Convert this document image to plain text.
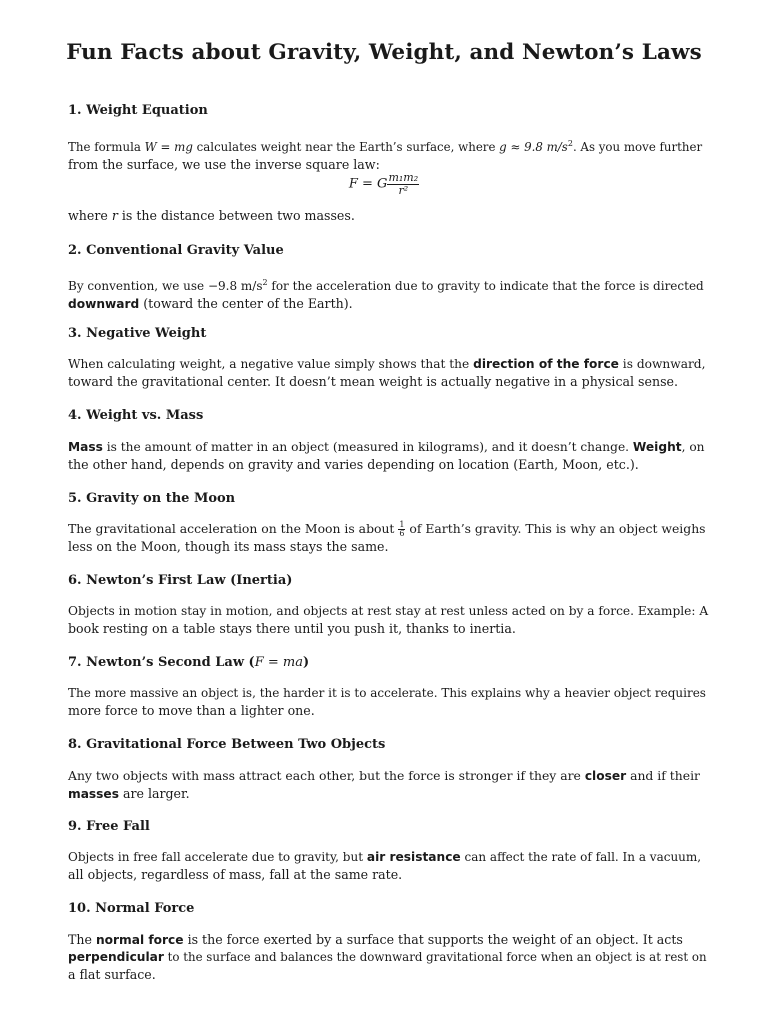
Fun Facts about Gravity, Weight, and Newton’s Laws
1. Weight Equation
The formula W = mg calculates weight near the Earth’s surface, where g ≈ 9.8 $m/s^2$. As you move further
from the surface, we use the inverse square law:
F = G $\frac{\text{m₁m₂}}{\text{r²}}$
where r is the distance between two masses.
2. Conventional Gravity Value
By convention, we use −9.8 $m/s^2$ for the acceleration due to gravity to indicate that the force is directed
downward (toward the center of the Earth).
3. Negative Weight
When calculating weight, a negative value simply shows that the direction of the force is downward,
toward the gravitational center. It doesn’t mean weight is actually negative in a physical sense.
4. Weight vs. Mass
Mass is the amount of matter in an object (measured in kilograms), and it doesn’t change. Weight, on
the other hand, depends on gravity and varies depending on location (Earth, Moon, etc.).
5. Gravity on the Moon
The gravitational acceleration on the Moon is about $\frac{1}{6}$ of Earth’s gravity. This is why an object weighs
less on the Moon, though its mass stays the same.
6. Newton’s First Law (Inertia)
Objects in motion stay in motion, and objects at rest stay at rest unless acted on by a force. Example: A
book resting on a table stays there until you push it, thanks to inertia.
7. Newton’s Second Law (F = ma)
The more massive an object is, the harder it is to accelerate. This explains why a heavier object requires
more force to move than a lighter one.
8. Gravitational Force Between Two Objects
Any two objects with mass attract each other, but the force is stronger if they are closer and if their
masses are larger.
9. Free Fall
Objects in free fall accelerate due to gravity, but air resistance can affect the rate of fall. In a vacuum,
all objects, regardless of mass, fall at the same rate.
10. Normal Force
The normal force is the force exerted by a surface that supports the weight of an object. It acts
perpendicular to the surface and balances the downward gravitational force when an object is at rest on
a flat surface.
